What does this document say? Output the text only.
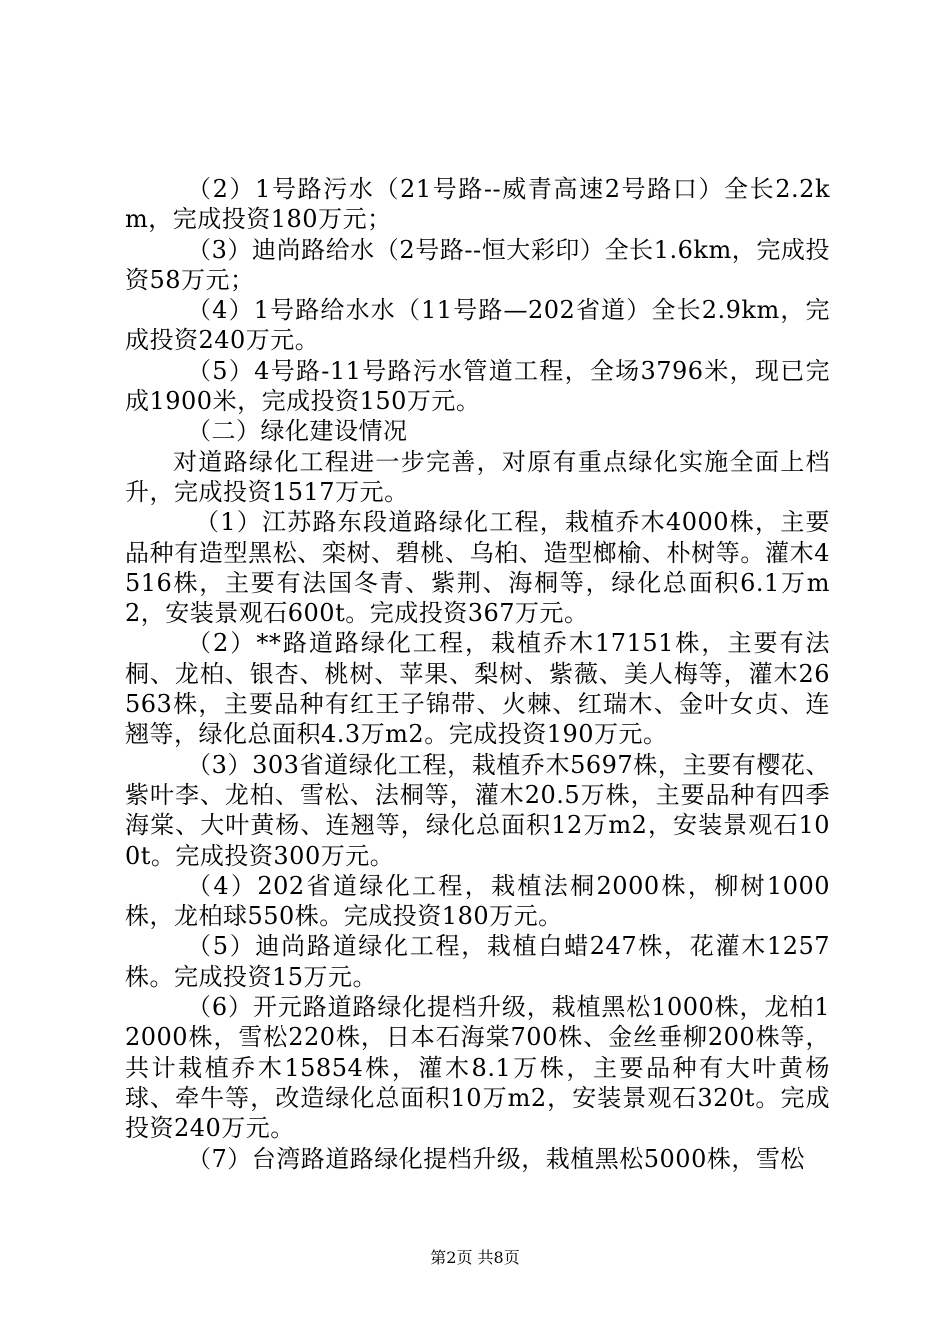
（2）1号路污水（21号路--威青高速2号路口）全长2.2km，完成投资180万元；

（3）迪尚路给水（2号路--恒大彩印）全长1.6km，完成投资58万元；

（4）1号路给水水（11号路—202省道）全长2.9km，完成投资240万元。

（5）4号路-11号路污水管道工程，全场3796米，现已完成1900米，完成投资150万元。

（二）绿化建设情况

对道路绿化工程进一步完善，对原有重点绿化实施全面上档升，完成投资1517万元。

（1）江苏路东段道路绿化工程，栽植乔木4000株，主要品种有造型黑松、栾树、碧桃、乌桕、造型榔榆、朴树等。灌木4516株，主要有法国冬青、紫荆、海桐等，绿化总面积6.1万m2，安装景观石600t。完成投资367万元。

（2）**路道路绿化工程，栽植乔木17151株，主要有法桐、龙柏、银杏、桃树、苹果、梨树、紫薇、美人梅等，灌木26563株，主要品种有红王子锦带、火棘、红瑞木、金叶女贞、连翘等，绿化总面积4.3万m2。完成投资190万元。

（3）303省道绿化工程，栽植乔木5697株，主要有樱花、紫叶李、龙柏、雪松、法桐等，灌木20.5万株，主要品种有四季海棠、大叶黄杨、连翘等，绿化总面积12万m2，安装景观石100t。完成投资300万元。

（4）202省道绿化工程，栽植法桐2000株，柳树1000株，龙柏球550株。完成投资180万元。

（5）迪尚路道绿化工程，栽植白蜡247株，花灌木1257株。完成投资15万元。

（6）开元路道路绿化提档升级，栽植黑松1000株，龙柏12000株，雪松220株，日本石海棠700株、金丝垂柳200株等，共计栽植乔木15854株，灌木8.1万株，主要品种有大叶黄杨球、牵牛等，改造绿化总面积10万m2，安装景观石320t。完成投资240万元。

（7）台湾路道路绿化提档升级，栽植黑松5000株，雪松

第2页 共8页
